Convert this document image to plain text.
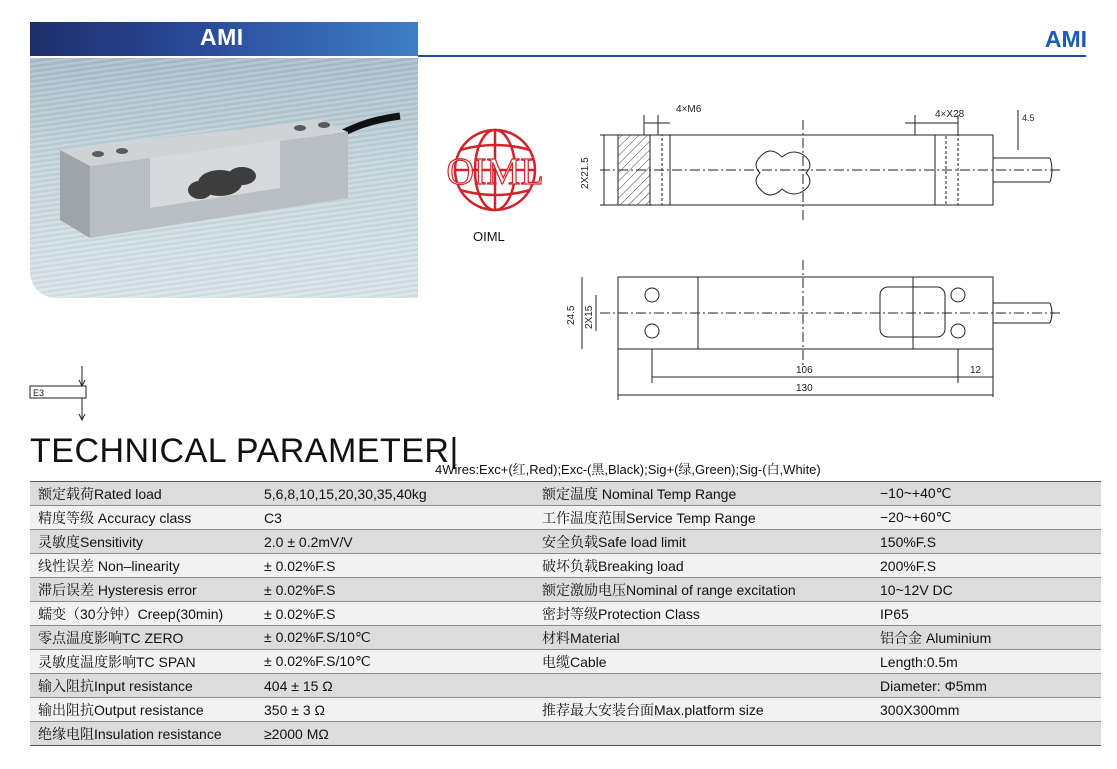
AMI	AMI
OIML
OIML
4×M6	4×X28	4.5
2X21.5
24.5 2X15
106	12
130
E3
TECHNICAL PARAMETER|
4Wires:Exc+(红,Red);Exc-(黑,Black);Sig+(绿,Green);Sig-(白,White)
额定载荷Rated load	5,6,8,10,15,20,30,35,40kg	额定温度 Nominal Temp Range	−10~+40℃
精度等级 Accuracy class	C3	工作温度范围Service Temp Range	−20~+60℃
灵敏度Sensitivity	2.0 ± 0.2mV/V	安全负载Safe load limit	150%F.S
线性误差 Non–linearity	± 0.02%F.S	破坏负载Breaking load	200%F.S
滞后误差 Hysteresis error	± 0.02%F.S	额定激励电压Nominal of range excitation	10~12V DC
蠕变（30分钟）Creep(30min)	± 0.02%F.S	密封等级Protection Class	IP65
零点温度影响TC ZERO	± 0.02%F.S/10℃	材料Material	铝合金 Aluminium
灵敏度温度影响TC SPAN	± 0.02%F.S/10℃	电缆Cable	Length:0.5m
输入阻抗Input resistance	404 ± 15 Ω		Diameter: Φ5mm
输出阻抗Output resistance	350 ± 3 Ω	推荐最大安装台面Max.platform size	300X300mm
绝缘电阻Insulation resistance	≥2000 MΩ		
